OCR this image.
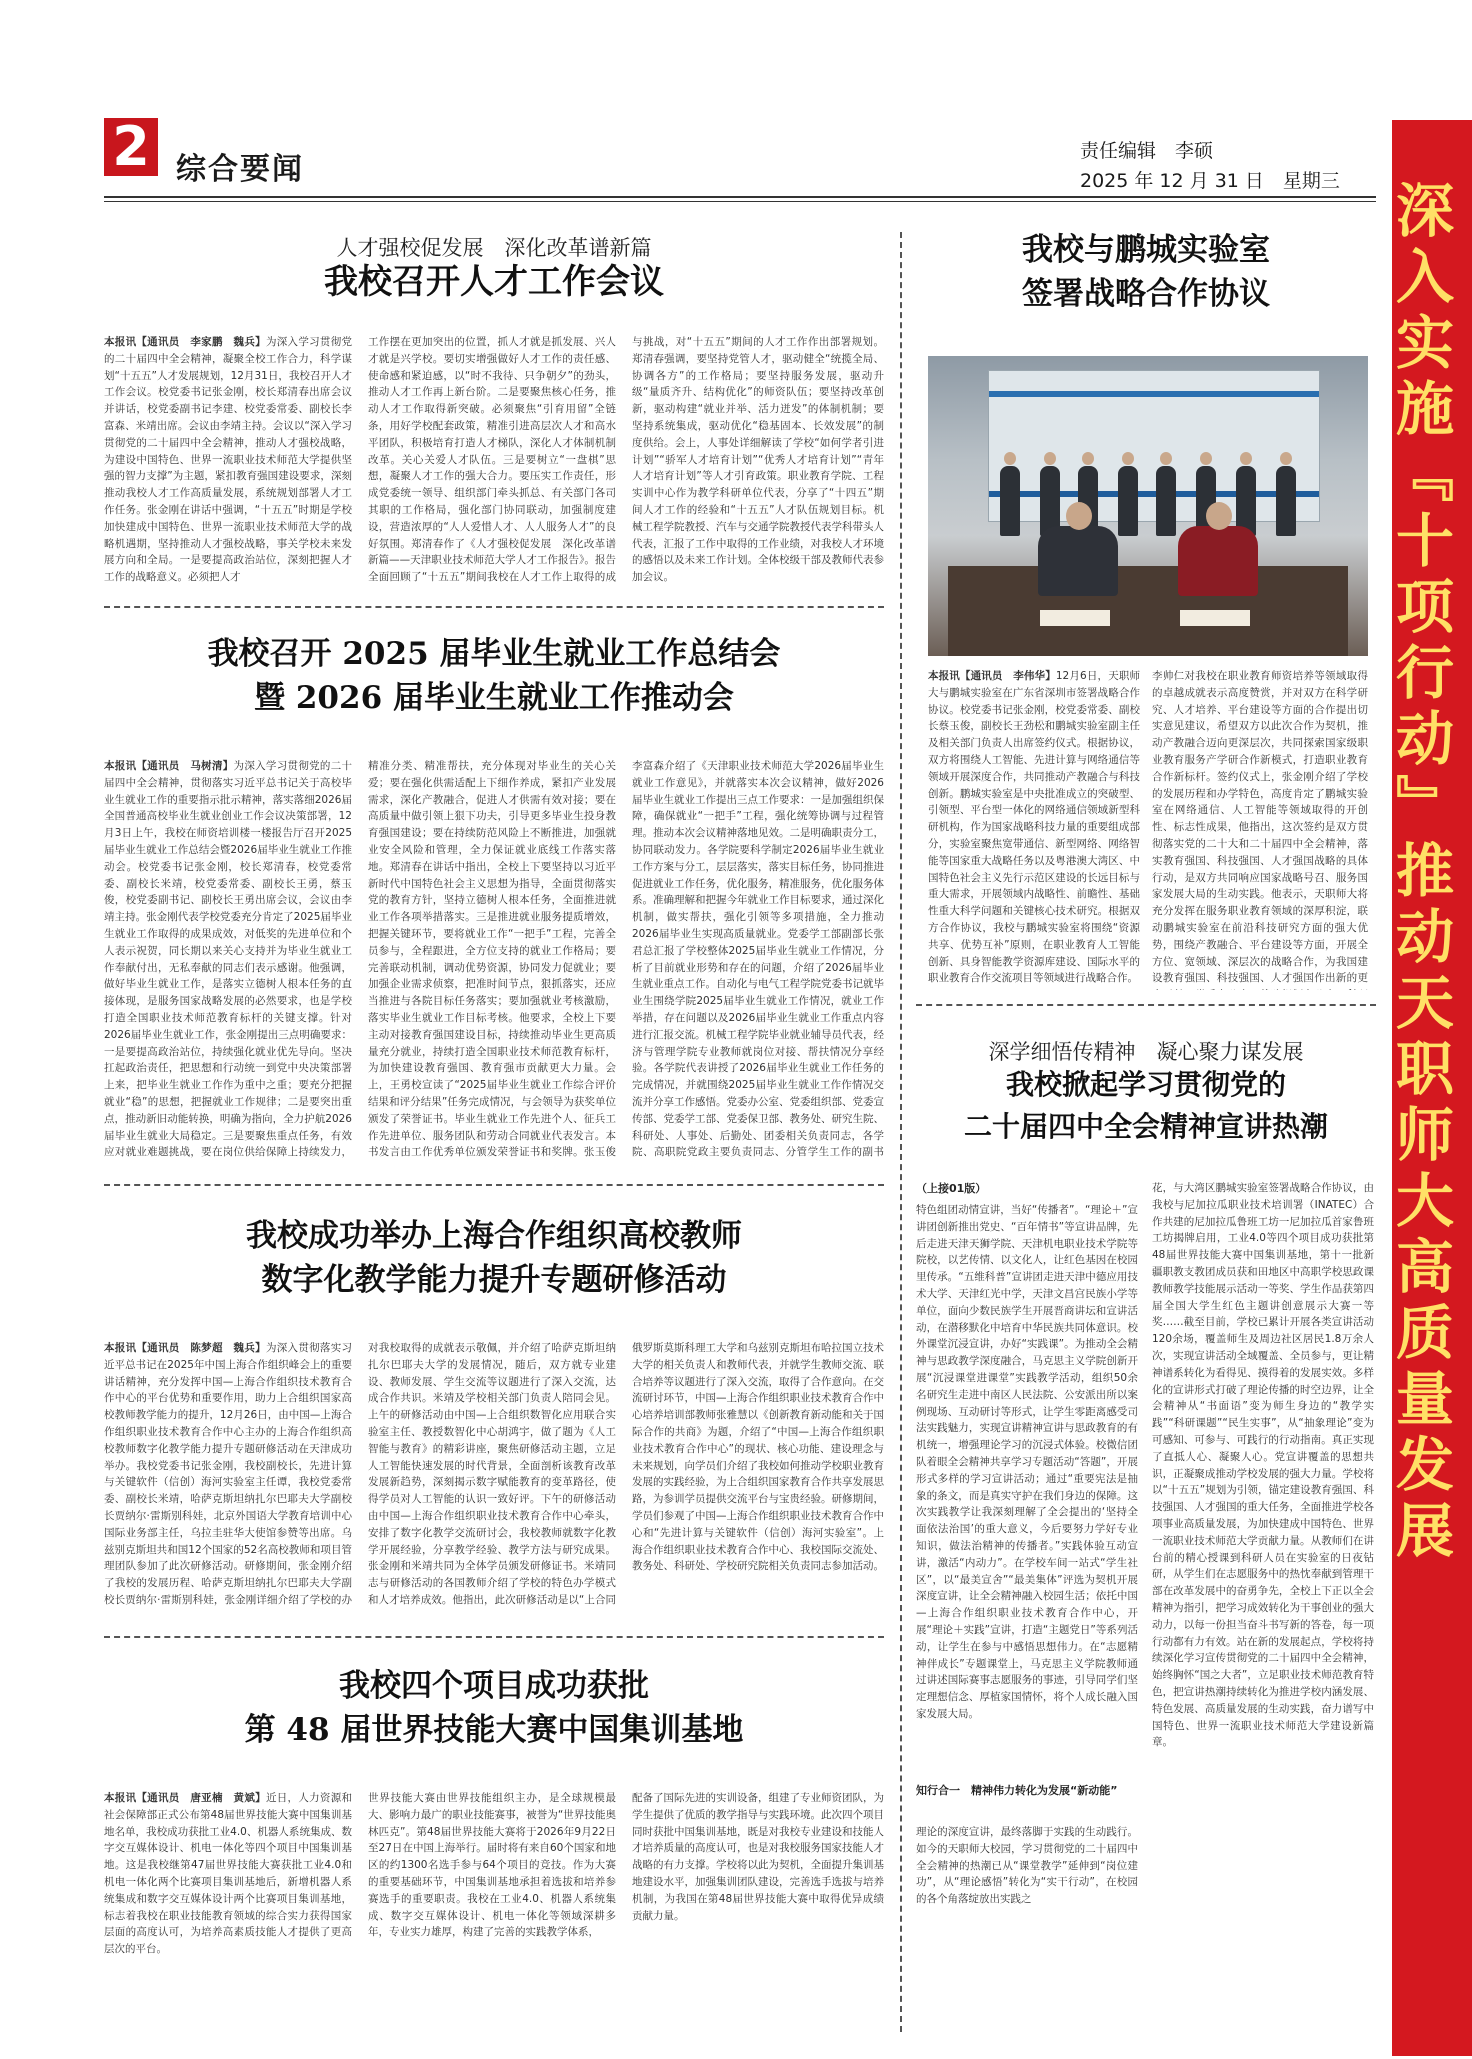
2 综合要闻
责任编辑　李硕
2025 年 12 月 31 日　星期三 深入实施『十项行动』推动天职师大高质量发展
人才强校促发展　深化改革谱新篇
我校召开人才工作会议
本报讯【通讯员　李家鹏　魏兵】为深入学习贯彻党的二十届四中全会精神，凝聚全校工作合力，科学谋划“十五五”人才发展规划，12月31日，我校召开人才工作会议。校党委书记张金刚，校长郑清春出席会议并讲话，校党委副书记李建、校党委常委、副校长李富森、米靖出席。会议由李靖主持。会议以“深入学习贯彻党的二十届四中全会精神，推动人才强校战略，为建设中国特色、世界一流职业技术师范大学提供坚强的智力支撑”为主题，紧扣教育强国建设要求，深刻推动我校人才工作高质量发展，系统规划部署人才工作任务。张金刚在讲话中强调，“十五五”时期是学校加快建成中国特色、世界一流职业技术师范大学的战略机遇期，坚持推动人才强校战略，事关学校未来发展方向和全局。一是要提高政治站位，深刻把握人才工作的战略意义。必须把人才
工作摆在更加突出的位置，抓人才就是抓发展、兴人才就是兴学校。要切实增强做好人才工作的责任感、使命感和紧迫感，以“时不我待、只争朝夕”的劲头，推动人才工作再上新台阶。二是要聚焦核心任务，推动人才工作取得新突破。必须聚焦“引育用留”全链条，用好学校配套政策，精准引进高层次人才和高水平团队，积极培育打造人才梯队，深化人才体制机制改革。关心关爱人才队伍。三是要树立“一盘棋”思想，凝聚人才工作的强大合力。要压实工作责任，形成党委统一领导、组织部门牵头抓总、有关部门各司其职的工作格局，强化部门协同联动，加强制度建设，营造浓厚的“人人爱惜人才、人人服务人才”的良好氛围。郑清春作了《人才强校促发展　深化改革谱新篇——天津职业技术师范大学人才工作报告》。报告全面回顾了“十五五”期间我校在人才工作上取得的成
与挑战，对“十五五”期间的人才工作作出部署规划。郑清春强调，要坚持党管人才，驱动健全“统揽全局、协调各方”的工作格局；要坚持服务发展，驱动升级“量质齐升、结构优化”的师资队伍；要坚持改革创新，驱动构建“就业并举、活力迸发”的体制机制；要坚持系统集成，驱动优化“稳基固本、长效发展”的制度供给。会上，人事处详细解读了学校“如何学者引进计划”“骄军人才培育计划”“优秀人才培育计划”“青年人才培育计划”等人才引育政策。职业教育学院、工程实训中心作为教学科研单位代表，分享了“十四五”期间人才工作的经验和“十五五”人才队伍规划目标。机械工程学院教授、汽车与交通学院教授代表学科带头人代表，汇报了工作中取得的工作业绩，对我校人才环境的感悟以及未来工作计划。全体校级干部及教师代表参加会议。
我校召开 2025 届毕业生就业工作总结会
暨 2026 届毕业生就业工作推动会
本报讯【通讯员　马树清】为深入学习贯彻党的二十届四中全会精神，贯彻落实习近平总书记关于高校毕业生就业工作的重要指示批示精神，落实落细2026届全国普通高校毕业生就业创业工作会议决策部署，12月3日上午，我校在师资培训楼一楼报告厅召开2025届毕业生就业工作总结会暨2026届毕业生就业工作推动会。校党委书记张金刚，校长郑清春，校党委常委、副校长米靖，校党委常委、副校长王勇，蔡玉俊，校党委副书记、副校长王勇出席会议，会议由李靖主持。张金刚代表学校党委充分肯定了2025届毕业生就业工作取得的成果成效，对低奖的先进单位和个人表示祝贺，同长期以来关心支持并为毕业生就业工作奉献付出，无私奉献的同志们表示感谢。他强调，做好毕业生就业工作，是落实立德树人根本任务的直接体现，是服务国家战略发展的必然要求，也是学校打造全国职业技术师范教育标杆的关键支撑。针对2026届毕业生就业工作，张金刚提出三点明确要求：一是要提高政治站位，持续强化就业优先导向。坚决扛起政治责任，把思想和行动统一到党中央决策部署上来，把毕业生就业工作作为重中之重；要充分把握就业“稳”的思想，把握就业工作规律；二是要突出重点，推动新旧动能转换，明确为指向，全力护航2026届毕业生就业大局稳定。三是要聚焦重点任务，有效应对就业难题挑战，要在岗位供给保障上持续发力，
精准分类、精准帮扶，充分体现对毕业生的关心关爱；要在强化供需适配上下细作养成，紧扣产业发展需求，深化产教融合，促进人才供需有效对接；要在高质量中做引领上狠下功夫，引导更多毕业生投身教育强国建设；要在持续防范风险上不断推进，加强就业安全风险和管理，全力保证就业底线工作落实落地。郑清春在讲话中指出，全校上下要坚持以习近平新时代中国特色社会主义思想为指导，全面贯彻落实党的教育方针，坚持立德树人根本任务，全面推进就业工作各项举措落实。三是推进就业服务提质增效，把握关键环节，要将就业工作“一把手”工程，完善全员参与，全程跟进，全方位支持的就业工作格局；要完善联动机制，调动优势资源，协同发力促就业；要加强企业需求侦察，把准时间节点，狠抓落实，还应当推进与各院目标任务落实；要加强就业考核激励，落实毕业生就业工作目标考核。他要求，全校上下要主动对接教育强国建设目标，持续推动毕业生更高质量充分就业，持续打造全国职业技术师范教育标杆，为加快建设教育强国、教育强市贡献更大力量。会上，王勇校宣读了“2025届毕业生就业工作综合评价结果和评分结果”任务完成情况，与会领导为获奖单位颁发了荣誉证书。毕业生就业工作先进个人、征兵工作先进单位、服务团队和劳动合同就业代表发言。本书发言由工作优秀单位颁发荣誉证书和奖牌。张玉俊
李富森介绍了《天津职业技术师范大学2026届毕业生就业工作意见》，并就落实本次会议精神，做好2026届毕业生就业工作提出三点工作要求：一是加强组织保障，确保就业“一把手”工程，强化统筹协调与过程管理。推动本次会议精神落地见效。二是明确职责分工，协同联动发力。各学院要科学制定2026届毕业生就业工作方案与分工，层层落实，落实目标任务，协同推进促进就业工作任务，优化服务，精准服务，优化服务体系。准确理解和把握今年就业工作目标要求，通过深化机制，做实帮扶，强化引领等多项措施，全力推动2026届毕业生实现高质量就业。党委学工部副部长张君总汇报了学校整体2025届毕业生就业工作情况，分析了目前就业形势和存在的问题，介绍了2026届毕业生就业重点工作。自动化与电气工程学院党委书记就毕业生围绕学院2025届毕业生就业工作情况，就业工作举措，存在问题以及2026届毕业生就业工作重点内容进行汇报交流。机械工程学院毕业就业辅导员代表，经济与管理学院专业教师就岗位对接、帮扶情况分享经验。各学院代表讲授了2026届毕业生就业工作任务的完成情况，并就围绕2025届毕业生就业工作作情况交流并分享工作感悟。党委办公室、党委组织部、党委宣传部、党委学工部、党委保卫部、教务处、研究生院、科研处、人事处、后勤处、团委相关负责同志，各学院、高职院党政主要负责同志、分管学生工作的副书
我校成功举办上海合作组织高校教师
数字化教学能力提升专题研修活动
本报讯【通讯员　陈梦超　魏兵】为深入贯彻落实习近平总书记在2025年中国上海合作组织峰会上的重要讲话精神，充分发挥中国—上海合作组织技术教育合作中心的平台优势和重要作用，助力上合组织国家高校教师教学能力的提升，12月26日，由中国—上海合作组织职业技术教育合作中心主办的上海合作组织高校教师数字化教学能力提升专题研修活动在天津成功举办。我校党委书记张金刚，我校副校长，先进计算与关键软件（信创）海河实验室主任谭，我校党委常委、副校长米靖，哈萨克斯坦纳扎尔巴耶夫大学副校长贾纳尔·雷斯别科娃，北京外国语大学教育培训中心国际业务部主任，乌拉圭驻华大使馆参赞等出席。乌兹别克斯坦共和国12个国家的52名高校教师和项目管理团队参加了此次研修活动。研修期间，张金刚介绍了我校的发展历程、哈萨克斯坦纳扎尔巴耶夫大学副校长贾纳尔·雷斯别科娃，张金刚详细介绍了学校的办
对我校取得的成就表示敬佩，并介绍了哈萨克斯坦纳扎尔巴耶夫大学的发展情况，随后，双方就专业建设、教师发展、学生交流等议题进行了深入交流，达成合作共识。米靖及学校相关部门负责人陪同会见。上午的研修活动由中国—上合组织数智化应用联合实验室主任、教授数智化中心胡鸿宇，做了题为《人工智能与教育》的精彩讲座，聚焦研修活动主题，立足人工智能快速发展的时代背景，全面剖析该教育改革发展新趋势，深刻揭示数字赋能教育的变革路径，使得学员对人工智能的认识一致好评。下午的研修活动由中国—上海合作组织职业技术教育合作中心牵头，安排了数字化教学交流研讨会，我校教师就数字化教学开展经验，分享教学经验、教学方法与研究成果。张金刚和米靖共同为全体学员颁发研修证书。米靖同志与研修活动的各国教师介绍了学校的特色办学模式和人才培养成效。他指出，此次研修活动是以“上合同
俄罗斯莫斯科理工大学和乌兹别克斯坦布哈拉国立技术大学的相关负责人和教师代表，并就学生教师交流、联合培养等议题进行了深入交流，取得了合作意向。在交流研讨环节，中国—上海合作组织职业技术教育合作中心培养培训部教师张雅慧以《创新教育新动能和关于国际合作的共商》为题，介绍了“中国—上海合作组织职业技术教育合作中心”的现状、核心功能、建设理念与未来规划，向学员们介绍了我校如何推动学校职业教育发展的实践经验，为上合组织国家教育合作共享发展思路，为参训学员提供交流平台与宝贵经验。研修期间，学员们参观了中国—上海合作组织职业技术教育合作中心和“先进计算与关键软件（信创）海河实验室”。上海合作组织职业技术教育合作中心、我校国际交流处、教务处、科研处、学校研究院相关负责同志参加活动。
我校四个项目成功获批
第 48 届世界技能大赛中国集训基地
本报讯【通讯员　唐亚楠　黄斌】近日，人力资源和社会保障部正式公布第48届世界技能大赛中国集训基地名单，我校成功获批工业4.0、机器人系统集成、数字交互媒体设计、机电一体化等四个项目中国集训基地。这是我校继第47届世界技能大赛获批工业4.0和机电一体化两个比赛项目集训基地后，新增机器人系统集成和数字交互媒体设计两个比赛项目集训基地，标志着我校在职业技能教育领域的综合实力获得国家层面的高度认可，为培养高素质技能人才提供了更高层次的平台。
世界技能大赛由世界技能组织主办，是全球规模最大、影响力最广的职业技能赛事，被誉为“世界技能奥林匹克”。第48届世界技能大赛将于2026年9月22日至27日在中国上海举行。届时将有来自60个国家和地区的约1300名选手参与64个项目的竞技。作为大赛的重要基础环节，中国集训基地承担着选拔和培养参赛选手的重要职责。我校在工业4.0、机器人系统集成、数字交互媒体设计、机电一体化等领域深耕多年，专业实力雄厚，构建了完善的实践教学体系，
配备了国际先进的实训设备，组建了专业师资团队，为学生提供了优质的教学指导与实践环境。此次四个项目同时获批中国集训基地，既是对我校专业建设和技能人才培养质量的高度认可，也是对我校服务国家技能人才战略的有力支撑。学校将以此为契机，全面提升集训基地建设水平，加强集训团队建设，完善选手选拔与培养机制，为我国在第48届世界技能大赛中取得优异成绩贡献力量。
我校与鹏城实验室
签署战略合作协议
本报讯【通讯员　李伟华】12月6日，天职师大与鹏城实验室在广东省深圳市签署战略合作协议。校党委书记张金刚，校党委常委、副校长蔡玉俊，副校长王劲松和鹏城实验室副主任及相关部门负责人出席签约仪式。根据协议，双方将围绕人工智能、先进计算与网络通信等领域开展深度合作，共同推动产教融合与科技创新。鹏城实验室是中央批准成立的突破型、引领型、平台型一体化的网络通信领域新型科研机构，作为国家战略科技力量的重要组成部分，实验室聚焦宽带通信、新型网络、网络智能等国家重大战略任务以及粤港澳大湾区、中国特色社会主义先行示范区建设的长远目标与重大需求，开展领域内战略性、前瞻性、基础性重大科学问题和关键核心技术研究。根据双方合作协议，我校与鹏城实验室将围绕“资源共享、优势互补”原则，在职业教育人工智能创新、具身智能教学资源库建设、国际水平的职业教育合作交流项目等领域进行战略合作。
李帅仁对我校在职业教育师资培养等领域取得的卓越成就表示高度赞赏，并对双方在科学研究、人才培养、平台建设等方面的合作提出切实意见建议，希望双方以此次合作为契机，推动产教融合迈向更深层次，共同探索国家级职业教育服务产学研合作新模式，打造职业教育合作新标杆。签约仪式上，张金刚介绍了学校的发展历程和办学特色，高度肯定了鹏城实验室在网络通信、人工智能等领域取得的开创性、标志性成果，他指出，这次签约是双方贯彻落实党的二十大和二十届四中全会精神，落实教育强国、科技强国、人才强国战略的具体行动，是双方共同响应国家战略号召、服务国家发展大局的生动实践。他表示，天职师大将充分发挥在服务职业教育领域的深厚积淀，联动鹏城实验室在前沿科技研究方面的强大优势，围绕产教融合、平台建设等方面，开展全方位、宽领域、深层次的战略合作，为我国建设教育强国、科技强国、人才强国作出新的更
深学细悟传精神　凝心聚力谋发展
我校掀起学习贯彻党的
二十届四中全会精神宣讲热潮
（上接01版）
特色组团动情宣讲，当好“传播者”。“理论＋”宣讲团创新推出党史、“百年情书”等宣讲品牌，先后走进天津天狮学院、天津机电职业技术学院等院校，以艺传情、以文化人，让红色基因在校园里传承。“五维科普”宣讲团走进天津中德应用技术大学、天津红光中学，天津文昌宫民族小学等单位，面向少数民族学生开展晋商讲坛和宣讲活动，在潜移默化中培育中华民族共同体意识。校外课堂沉浸宣讲，办好“实践课”。为推动全会精神与思政教学深度融合，马克思主义学院创新开展“沉浸课堂进课堂”实践教学活动，组织50余名研究生走进中南区人民法院、公安派出所以案例现场、互动研讨等形式，让学生零距离感受司法实践魅力，实现宣讲精神宣讲与思政教育的有机统一，增强理论学习的沉浸式体验。校微信团队着眼全会精神共享学习专题活动“答题”，开展形式多样的学习宣讲活动；通过“重要宪法是抽象的条文，而是真实守护在我们身边的保障。这次实践教学让我深刻理解了全会提出的‘坚持全面依法治国’的重大意义，今后要努力学好专业知识，做法治精神的传播者。”实践体验互动宣讲，激活“内动力”。在学校车间一站式“学生社区”，以“最美宣舍”“最美集体”评选为契机开展深度宣讲，让全会精神融入校园生活；依托中国—上海合作组织职业技术教育合作中心，开展“理论＋实践”宣讲，打造“主题党日”等系列活动，让学生在参与中感悟思想伟力。在“志愿精神伴成长”专题课堂上，马克思主义学院教师通过讲述国际赛事志愿服务的事迹，引导同学们坚定理想信念、厚植家国情怀，将个人成长融入国家发展大局。
花，与大湾区鹏城实验室签署战略合作协议，由我校与尼加拉瓜职业技术培训署（INATEC）合作共建的尼加拉瓜鲁班工坊一尼加拉瓜首家鲁班工坊揭牌启用，工业4.0等四个项目成功获批第48届世界技能大赛中国集训基地，第十一批新疆职教支教团成员获和田地区中高职学校思政课教师教学技能展示活动一等奖、学生作品获第四届全国大学生红色主题讲创意展示大赛一等奖……截至目前，学校已累计开展各类宣讲活动120余场，覆盖师生及周边社区居民1.8万余人次，实现宣讲活动全域覆盖、全员参与，更让精神谱系转化为看得见、摸得着的发展实效。多样化的宣讲形式打破了理论传播的时空边界，让全会精神从“书面语”变为师生身边的“教学实践”“科研课题”“民生实事”，从“抽象理论”变为可感知、可参与、可践行的行动指南。真正实现了直抵人心、凝聚人心。党宣讲覆盖的思想共识，正凝聚成推动学校发展的强大力量。学校将以“十五五”规划为引领，锚定建设教育强国、科技强国、人才强国的重大任务，全面推进学校各项事业高质量发展，为加快建成中国特色、世界一流职业技术师范大学贡献力量。从教师们在讲台前的精心授课到科研人员在实验室的日夜钻研，从学生们在志愿服务中的热忱奉献到管理干部在改革发展中的奋勇争先，全校上下正以全会精神为指引，把学习成效转化为干事创业的强大动力，以每一份担当奋斗书写新的答卷，每一项行动都有力有效。站在新的发展起点，学校将持续深化学习宣传贯彻党的二十届四中全会精神，始终胸怀“国之大者”，立足职业技术师范教育特色，把宣讲热潮持续转化为推进学校内涵发展、特色发展、高质量发展的生动实践，奋力谱写中国特色、世界一流职业技术师范大学建设新篇章。
知行合一　精神伟力转化为发展“新动能”
理论的深度宣讲，最终落脚于实践的生动践行。如今的天职师大校园，学习贯彻党的二十届四中全会精神的热潮已从“课堂教学”延伸到“岗位建功”，从“理论感悟”转化为“实干行动”，在校园的各个角落绽放出实践之
